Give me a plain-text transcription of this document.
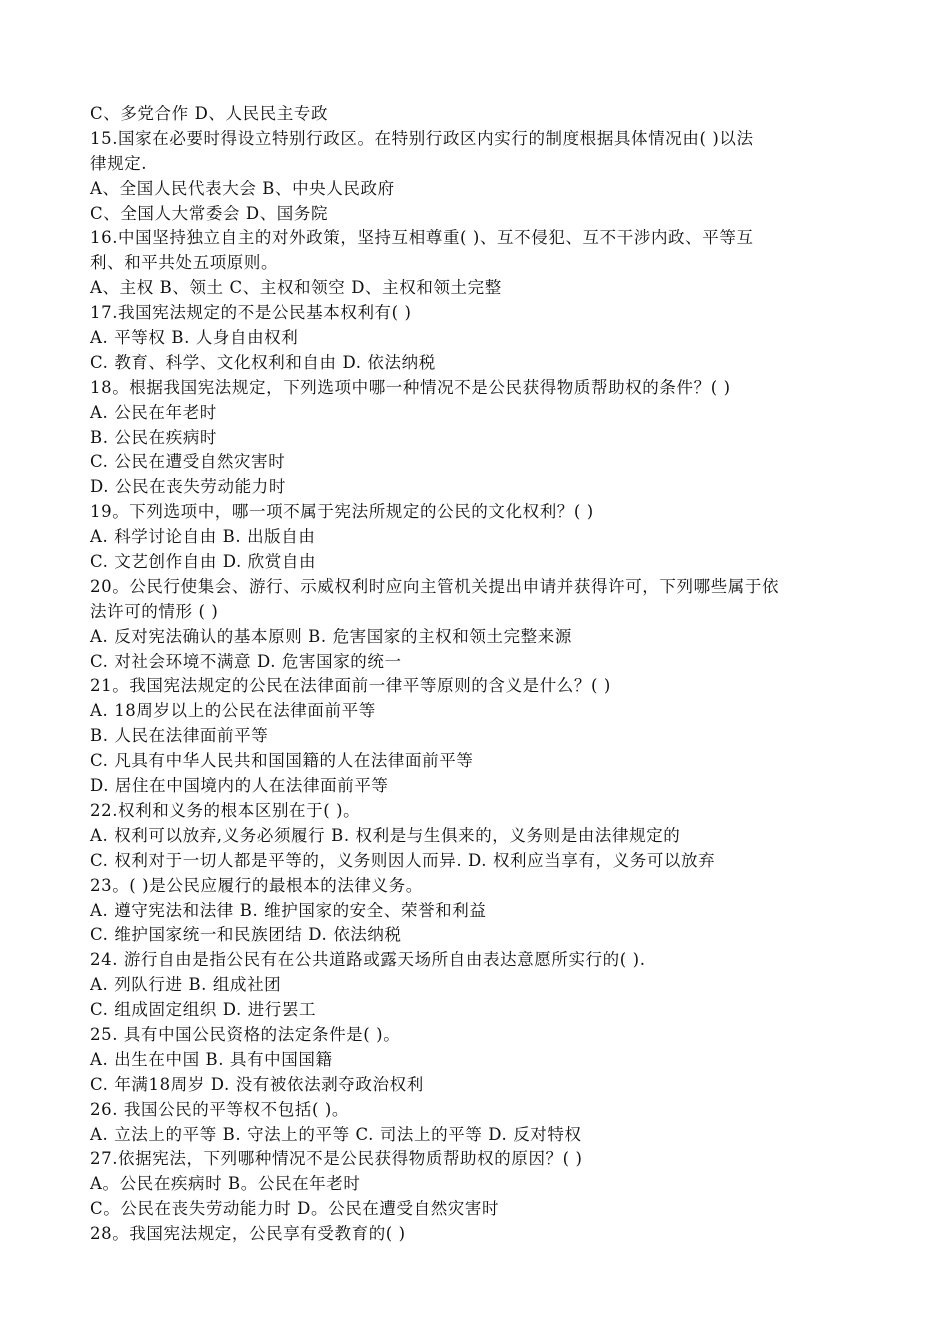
C、多党合作 D、人民民主专政
15.国家在必要时得设立特别行政区。在特别行政区内实行的制度根据具体情况由( )以法
律规定.
A、全国人民代表大会 B、中央人民政府
C、全国人大常委会 D、国务院
16.中国坚持独立自主的对外政策，坚持互相尊重( )、互不侵犯、互不干涉内政、平等互
利、和平共处五项原则。
A、主权 B、领土 C、主权和领空 D、主权和领土完整
17.我国宪法规定的不是公民基本权利有( )
A. 平等权 B. 人身自由权利
C. 教育、科学、文化权利和自由 D. 依法纳税
18。根据我国宪法规定，下列选项中哪一种情况不是公民获得物质帮助权的条件？( )
A. 公民在年老时
B. 公民在疾病时
C. 公民在遭受自然灾害时
D. 公民在丧失劳动能力时
19。下列选项中，哪一项不属于宪法所规定的公民的文化权利？( )
A. 科学讨论自由 B. 出版自由
C. 文艺创作自由 D. 欣赏自由
20。公民行使集会、游行、示威权利时应向主管机关提出申请并获得许可，下列哪些属于依
法许可的情形 ( )
A. 反对宪法确认的基本原则 B. 危害国家的主权和领土完整来源
C. 对社会环境不满意 D. 危害国家的统一
21。我国宪法规定的公民在法律面前一律平等原则的含义是什么？( )
A. 18周岁以上的公民在法律面前平等
B. 人民在法律面前平等
C. 凡具有中华人民共和国国籍的人在法律面前平等
D. 居住在中国境内的人在法律面前平等
22.权利和义务的根本区别在于( )。
A. 权利可以放弃,义务必须履行 B. 权利是与生俱来的，义务则是由法律规定的
C. 权利对于一切人都是平等的，义务则因人而异. D. 权利应当享有，义务可以放弃
23。( )是公民应履行的最根本的法律义务。
A. 遵守宪法和法律 B. 维护国家的安全、荣誉和利益
C. 维护国家统一和民族团结 D. 依法纳税
24. 游行自由是指公民有在公共道路或露天场所自由表达意愿所实行的( ).
A. 列队行进 B. 组成社团
C. 组成固定组织 D. 进行罢工
25. 具有中国公民资格的法定条件是( )。
A. 出生在中国 B. 具有中国国籍
C. 年满18周岁 D. 没有被依法剥夺政治权利
26. 我国公民的平等权不包括( )。
A. 立法上的平等 B. 守法上的平等 C. 司法上的平等 D. 反对特权
27.依据宪法，下列哪种情况不是公民获得物质帮助权的原因？( )
A。公民在疾病时 B。公民在年老时
C。公民在丧失劳动能力时 D。公民在遭受自然灾害时
28。我国宪法规定，公民享有受教育的( )
